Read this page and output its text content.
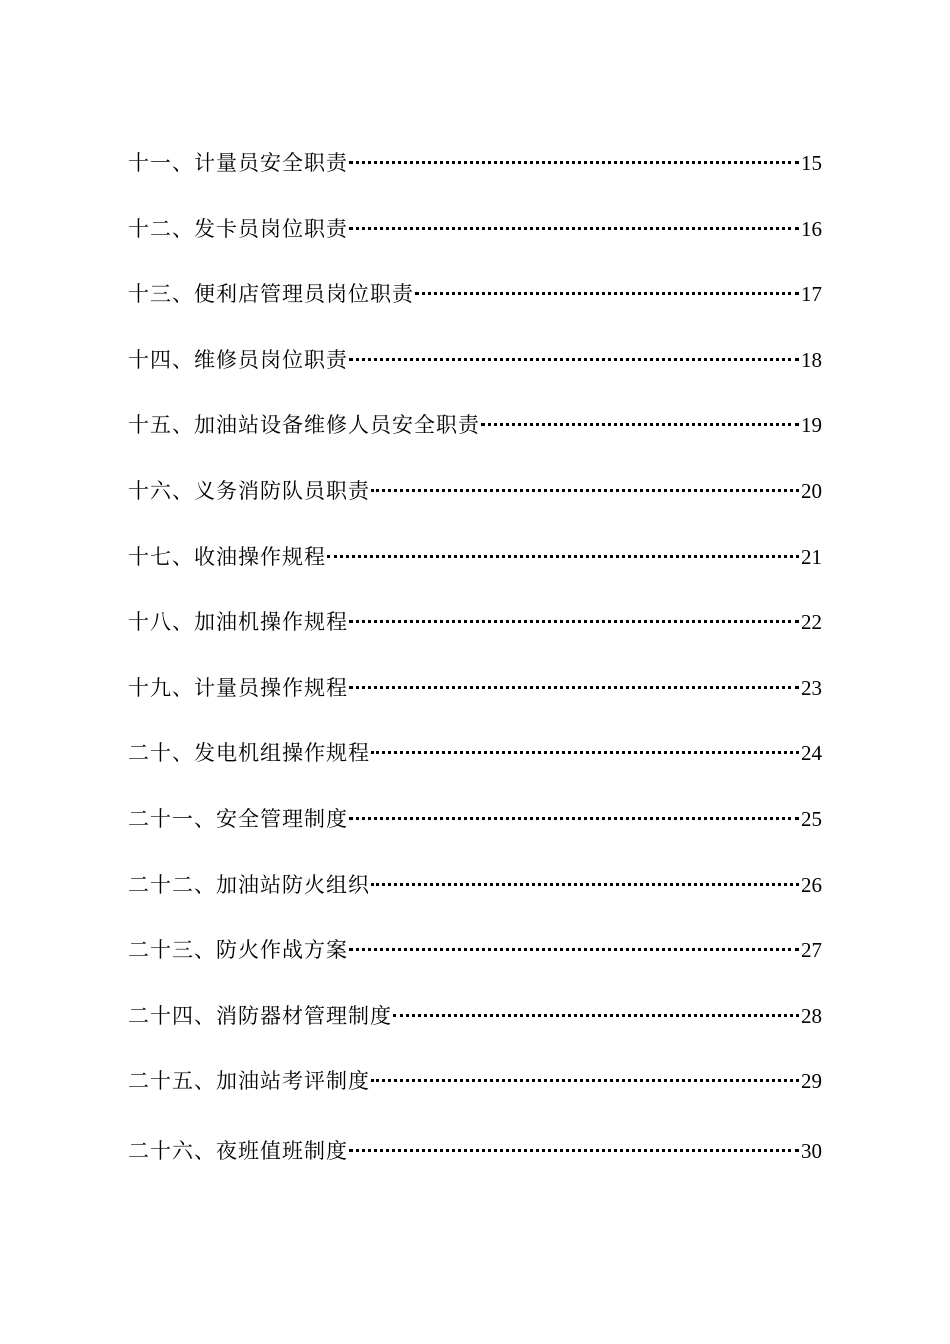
十一、计量员安全职责	15
十二、发卡员岗位职责	16
十三、便利店管理员岗位职责	17
十四、维修员岗位职责	18
十五、加油站设备维修人员安全职责	19
十六、义务消防队员职责	20
十七、收油操作规程	21
十八、加油机操作规程	22
十九、计量员操作规程	23
二十、发电机组操作规程	24
二十一、安全管理制度	25
二十二、加油站防火组织	26
二十三、防火作战方案	27
二十四、消防器材管理制度	28
二十五、加油站考评制度	29
二十六、夜班值班制度	30
